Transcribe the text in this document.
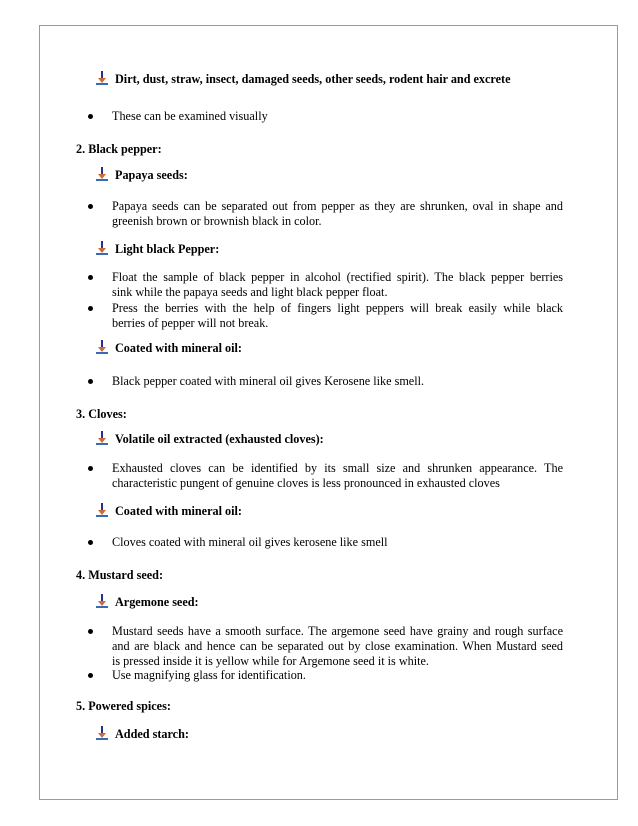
Dirt, dust, straw, insect, damaged seeds, other seeds, rodent hair and excrete
These can be examined visually
2. Black pepper:
Papaya seeds:
Papaya seeds can be separated out from pepper as they are shrunken, oval in shape and
greenish brown or brownish black in color.
Light black Pepper:
Float the sample of black pepper in alcohol (rectified spirit). The black pepper berries
sink while the papaya seeds and light black pepper float.
Press the berries with the help of fingers light peppers will break easily while black
berries of pepper will not break.
Coated with mineral oil:
Black pepper coated with mineral oil gives Kerosene like smell.
3. Cloves:
Volatile oil extracted (exhausted cloves):
Exhausted cloves can be identified by its small size and shrunken appearance. The
characteristic pungent of genuine cloves is less pronounced in exhausted cloves
Coated with mineral oil:
Cloves coated with mineral oil gives kerosene like smell
4. Mustard seed:
Argemone seed:
Mustard seeds have a smooth surface. The argemone seed have grainy and rough surface
and are black and hence can be separated out by close examination. When Mustard seed
is pressed inside it is yellow while for Argemone seed it is white.
Use magnifying glass for identification.
5. Powered spices:
Added starch:
